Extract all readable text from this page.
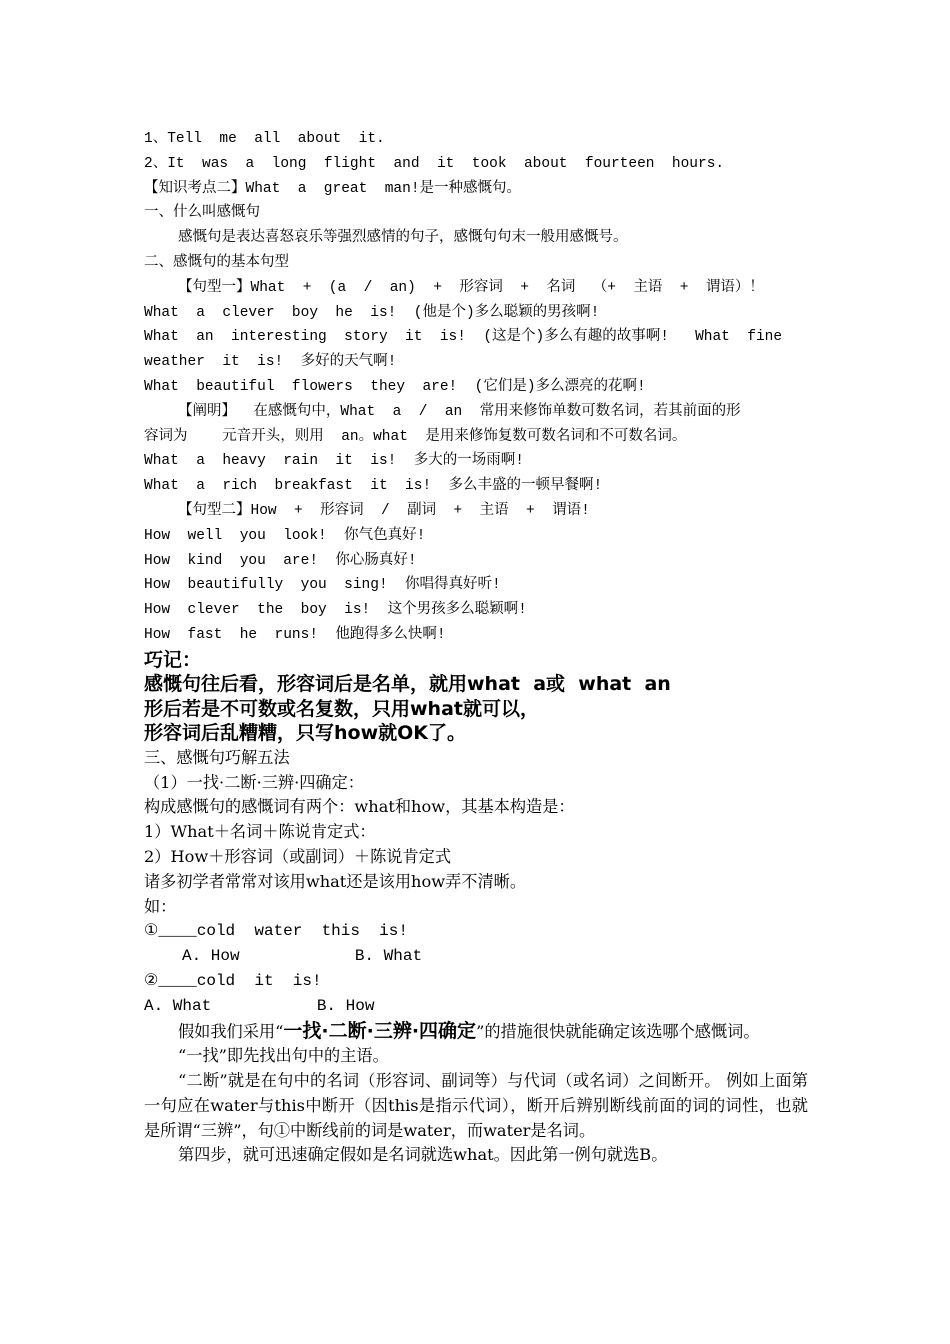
1、Tell  me  all  about  it.
2、It  was  a  long  flight  and  it  took  about  fourteen  hours.
【知识考点二】What  a  great  man!是一种感慨句。
一、什么叫感慨句
感慨句是表达喜怒哀乐等强烈感情的句子，感慨句句末一般用感慨号。
二、感慨句的基本句型
【句型一】What  +  (a  /  an)  +  形容词  +  名词  （+  主语  +  谓语）！
What  a  clever  boy  he  is!  (他是个)多么聪颖的男孩啊!
What  an  interesting  story  it  is!  (这是个)多么有趣的故事啊!   What  fine
weather  it  is!  多好的天气啊!
What  beautiful  flowers  they  are!  (它们是)多么漂亮的花啊!
【阐明】  在感慨句中，What  a  /  an  常用来修饰单数可数名词，若其前面的形
容词为    元音开头，则用  an。what  是用来修饰复数可数名词和不可数名词。
What  a  heavy  rain  it  is!  多大的一场雨啊!
What  a  rich  breakfast  it  is!  多么丰盛的一顿早餐啊!
【句型二】How  +  形容词  /  副词  +  主语  +  谓语!
How  well  you  look!  你气色真好!
How  kind  you  are!  你心肠真好!
How  beautifully  you  sing!  你唱得真好听!
How  clever  the  boy  is!  这个男孩多么聪颖啊!
How  fast  he  runs!  他跑得多么快啊!
巧记：
感慨句往后看，形容词后是名单，就用what  a或  what  an
形后若是不可数或名复数，只用what就可以，
形容词后乱糟糟，只写how就OK了。
三、感慨句巧解五法
（1）一找·二断·三辨·四确定：
构成感慨句的感慨词有两个：what和how，其基本构造是：
1）What＋名词＋陈说肯定式：
2）How＋形容词（或副词）＋陈说肯定式
诸多初学者常常对该用what还是该用how弄不清晰。
如：
①____cold  water  this  is!
A. How            B. What
②____cold  it  is!
A. What           B. How
假如我们采用“一找·二断·三辨·四确定”的措施很快就能确定该选哪个感慨词。
“一找”即先找出句中的主语。
“二断”就是在句中的名词（形容词、副词等）与代词（或名词）之间断开。 例如上面第一句应在water与this中断开（因this是指示代词），断开后辨别断线前面的词的词性，也就是所谓“三辨”，句①中断线前的词是water，而water是名词。
第四步，就可迅速确定假如是名词就选what。因此第一例句就选B。
